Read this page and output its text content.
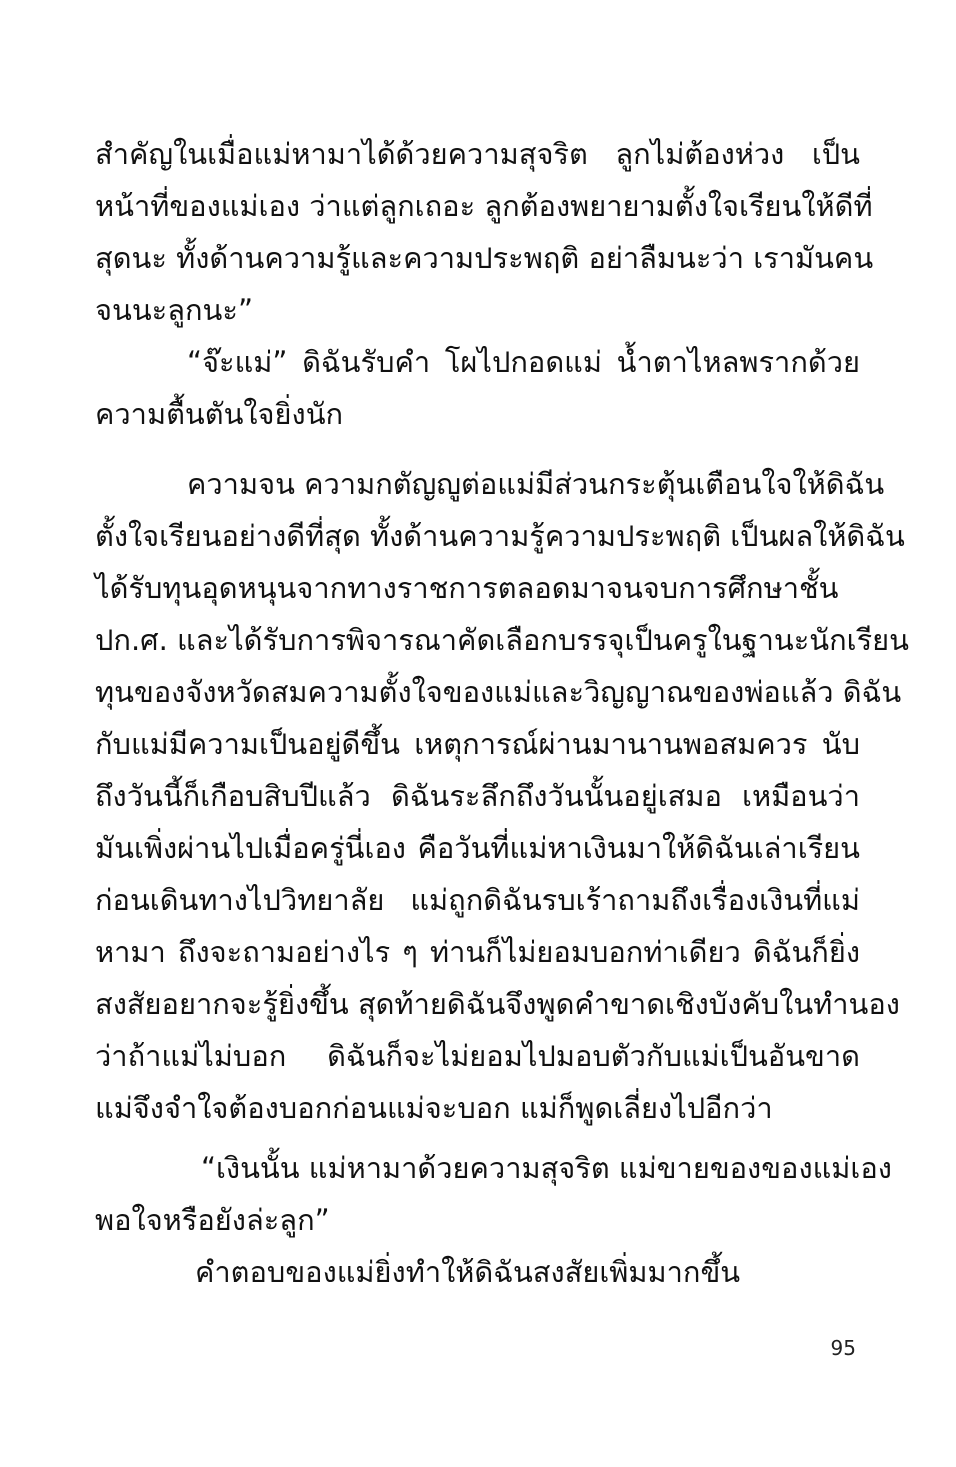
สำคัญในเมื่อแม่หามาได้ด้วยความสุจริต ลูกไม่ต้องห่วง เป็น
หน้าที่ของแม่เอง ว่าแต่ลูกเถอะ ลูกต้องพยายามตั้งใจเรียนให้ดีที่
สุดนะ ทั้งด้านความรู้และความประพฤติ อย่าลืมนะว่า เรามันคน
จนนะลูกนะ”
“จ๊ะแม่” ดิฉันรับคำ โผไปกอดแม่ น้ำตาไหลพรากด้วย
ความตื้นตันใจยิ่งนัก
ความจน ความกตัญญูต่อแม่มีส่วนกระตุ้นเตือนใจให้ดิฉัน
ตั้งใจเรียนอย่างดีที่สุด ทั้งด้านความรู้ความประพฤติ เป็นผลให้ดิฉัน
ได้รับทุนอุดหนุนจากทางราชการตลอดมาจนจบการศึกษาชั้น
ปก.ศ. และได้รับการพิจารณาคัดเลือกบรรจุเป็นครูในฐานะนักเรียน
ทุนของจังหวัดสมความตั้งใจของแม่และวิญญาณของพ่อแล้ว ดิฉัน
กับแม่มีความเป็นอยู่ดีขึ้น เหตุการณ์ผ่านมานานพอสมควร นับ
ถึงวันนี้ก็เกือบสิบปีแล้ว ดิฉันระลึกถึงวันนั้นอยู่เสมอ เหมือนว่า
มันเพิ่งผ่านไปเมื่อครู่นี่เอง คือวันที่แม่หาเงินมาให้ดิฉันเล่าเรียน
ก่อนเดินทางไปวิทยาลัย แม่ถูกดิฉันรบเร้าถามถึงเรื่องเงินที่แม่
หามา ถึงจะถามอย่างไร ๆ ท่านก็ไม่ยอมบอกท่าเดียว ดิฉันก็ยิ่ง
สงสัยอยากจะรู้ยิ่งขึ้น สุดท้ายดิฉันจึงพูดคำขาดเชิงบังคับในทำนอง
ว่าถ้าแม่ไม่บอก ดิฉันก็จะไม่ยอมไปมอบตัวกับแม่เป็นอันขาด
แม่จึงจำใจต้องบอกก่อนแม่จะบอก แม่ก็พูดเลี่ยงไปอีกว่า
“เงินนั้น แม่หามาด้วยความสุจริต แม่ขายของของแม่เอง
พอใจหรือยังล่ะลูก”
คำตอบของแม่ยิ่งทำให้ดิฉันสงสัยเพิ่มมากขึ้น
95
